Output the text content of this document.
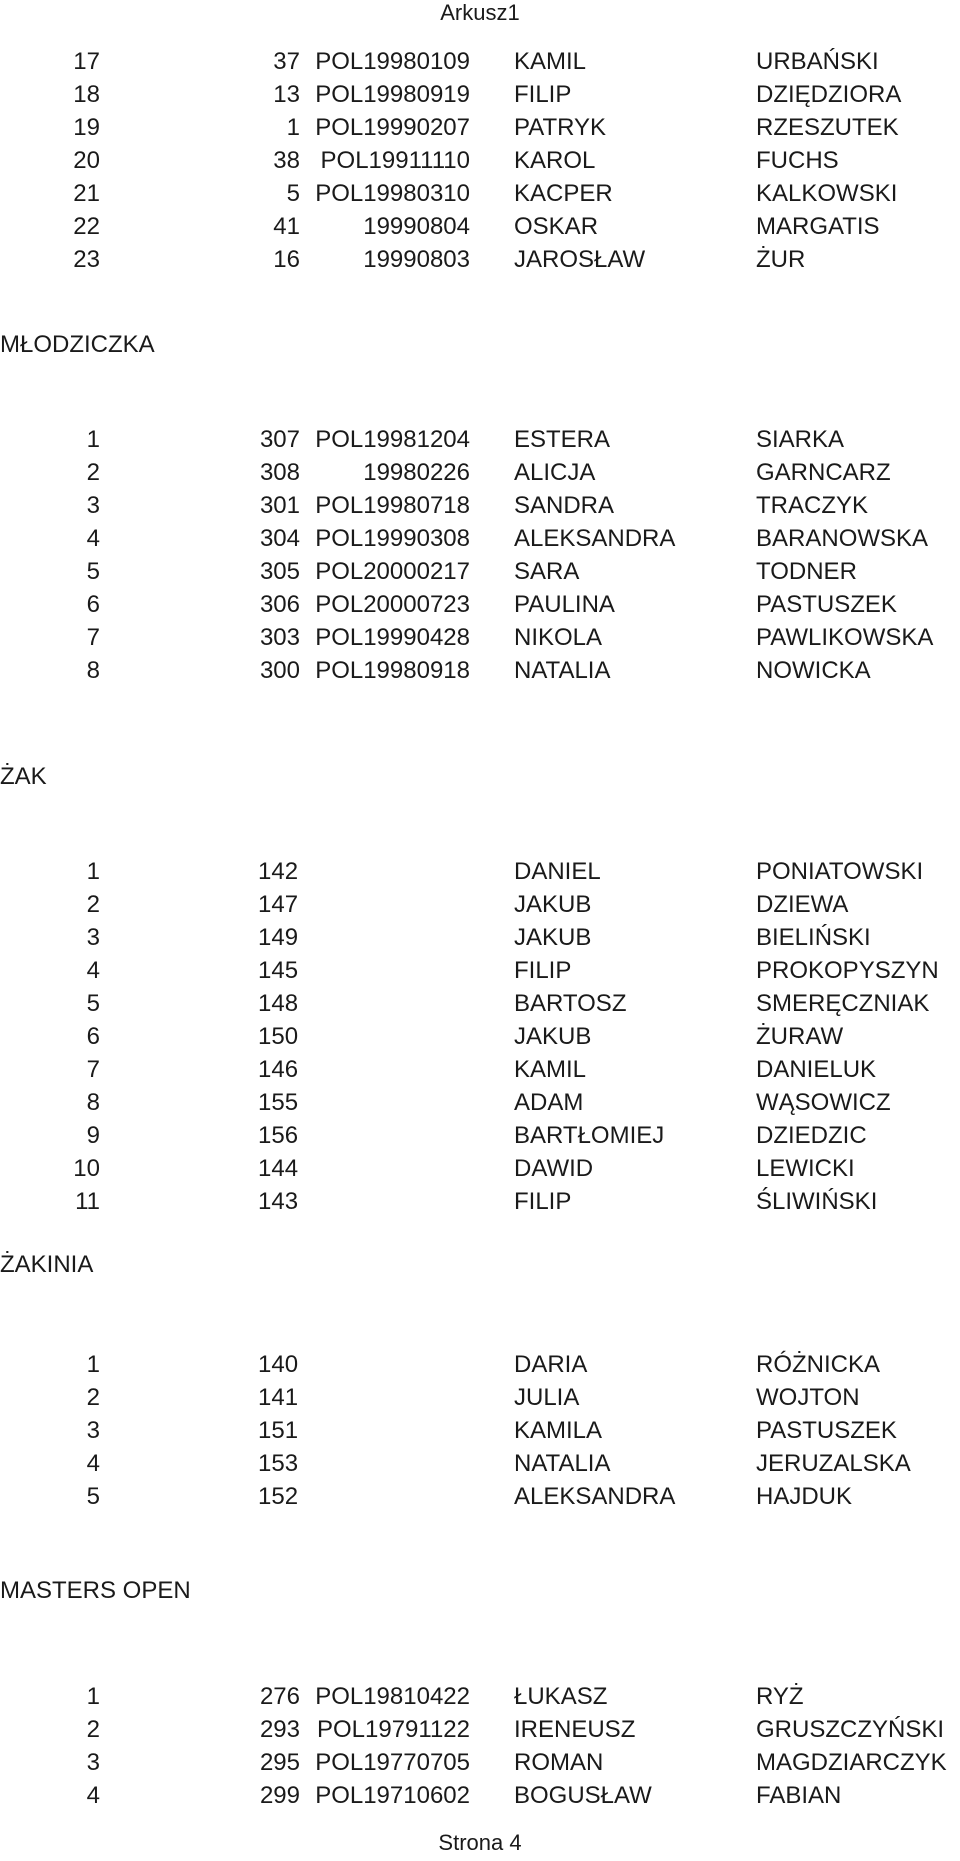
Arkusz1
17	37 POL19980109 KAMIL	URBAŃSKI
18	13 POL19980919 FILIP	DZIĘDZIORA
19	1 POL19990207 PATRYK	RZESZUTEK
20	38 POL19911110 KAROL	FUCHS
21	5 POL19980310 KACPER	KALKOWSKI
22	41	19990804 OSKAR	MARGATIS
23	16	19990803 JAROSŁAW	ŻUR
MŁODZICZKA
1	307 POL19981204 ESTERA	SIARKA
2	308	19980226 ALICJA	GARNCARZ
3	301 POL19980718 SANDRA	TRACZYK
4	304 POL19990308 ALEKSANDRA	BARANOWSKA
5	305 POL20000217 SARA	TODNER
6	306 POL20000723 PAULINA	PASTUSZEK
7	303 POL19990428 NIKOLA	PAWLIKOWSKA
8	300 POL19980918 NATALIA	NOWICKA
ŻAK
1	142	DANIEL	PONIATOWSKI
2	147	JAKUB	DZIEWA
3	149	JAKUB	BIELIŃSKI
4	145	FILIP	PROKOPYSZYN
5	148	BARTOSZ	SMERĘCZNIAK
6	150	JAKUB	ŻURAW
7	146	KAMIL	DANIELUK
8	155	ADAM	WĄSOWICZ
9	156	BARTŁOMIEJ	DZIEDZIC
10	144	DAWID	LEWICKI
11	143	FILIP	ŚLIWIŃSKI
ŻAKINIA
1	140	DARIA	RÓŻNICKA
2	141	JULIA	WOJTON
3	151	KAMILA	PASTUSZEK
4	153	NATALIA	JERUZALSKA
5	152	ALEKSANDRA	HAJDUK
MASTERS OPEN
1	276 POL19810422 ŁUKASZ	RYŻ
2	293 POL19791122 IRENEUSZ	GRUSZCZYŃSKI
3	295 POL19770705 ROMAN	MAGDZIARCZYK
4	299 POL19710602 BOGUSŁAW	FABIAN
Strona 4
